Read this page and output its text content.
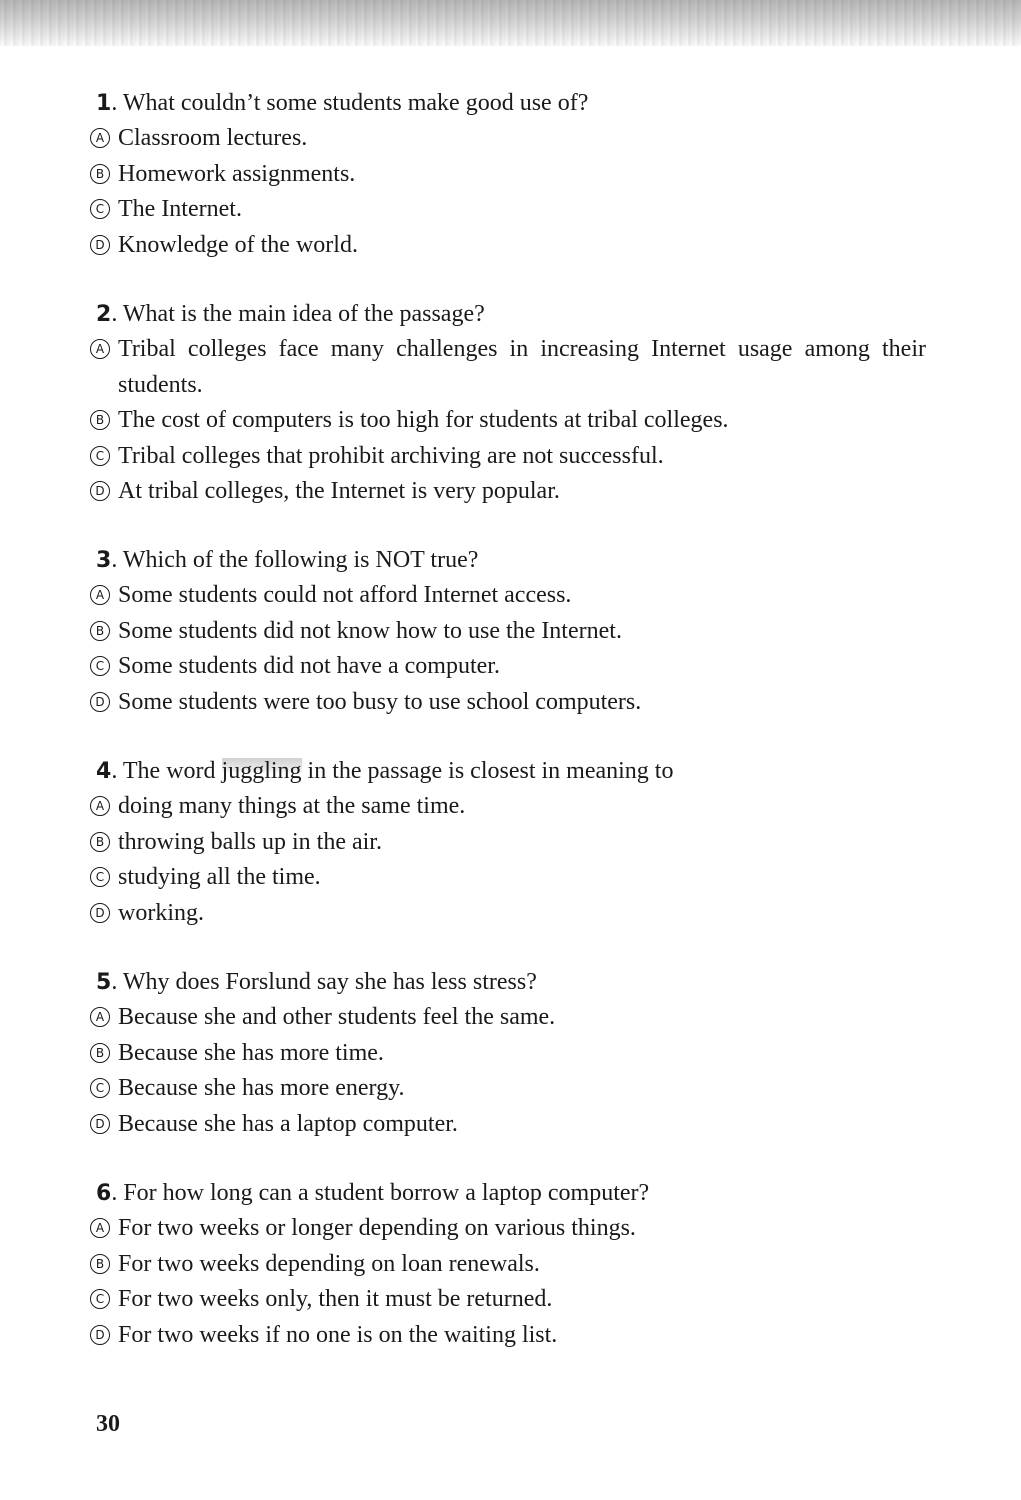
1. What couldn’t some students make good use of?
A Classroom lectures.
B Homework assignments.
C The Internet.
D Knowledge of the world.
2. What is the main idea of the passage?
A Tribal colleges face many challenges in increasing Internet usage among their students.
B The cost of computers is too high for students at tribal colleges.
C Tribal colleges that prohibit archiving are not successful.
D At tribal colleges, the Internet is very popular.
3. Which of the following is NOT true?
A Some students could not afford Internet access.
B Some students did not know how to use the Internet.
C Some students did not have a computer.
D Some students were too busy to use school computers.
4. The word juggling in the passage is closest in meaning to
A doing many things at the same time.
B throwing balls up in the air.
C studying all the time.
D working.
5. Why does Forslund say she has less stress?
A Because she and other students feel the same.
B Because she has more time.
C Because she has more energy.
D Because she has a laptop computer.
6. For how long can a student borrow a laptop computer?
A For two weeks or longer depending on various things.
B For two weeks depending on loan renewals.
C For two weeks only, then it must be returned.
D For two weeks if no one is on the waiting list.
30
